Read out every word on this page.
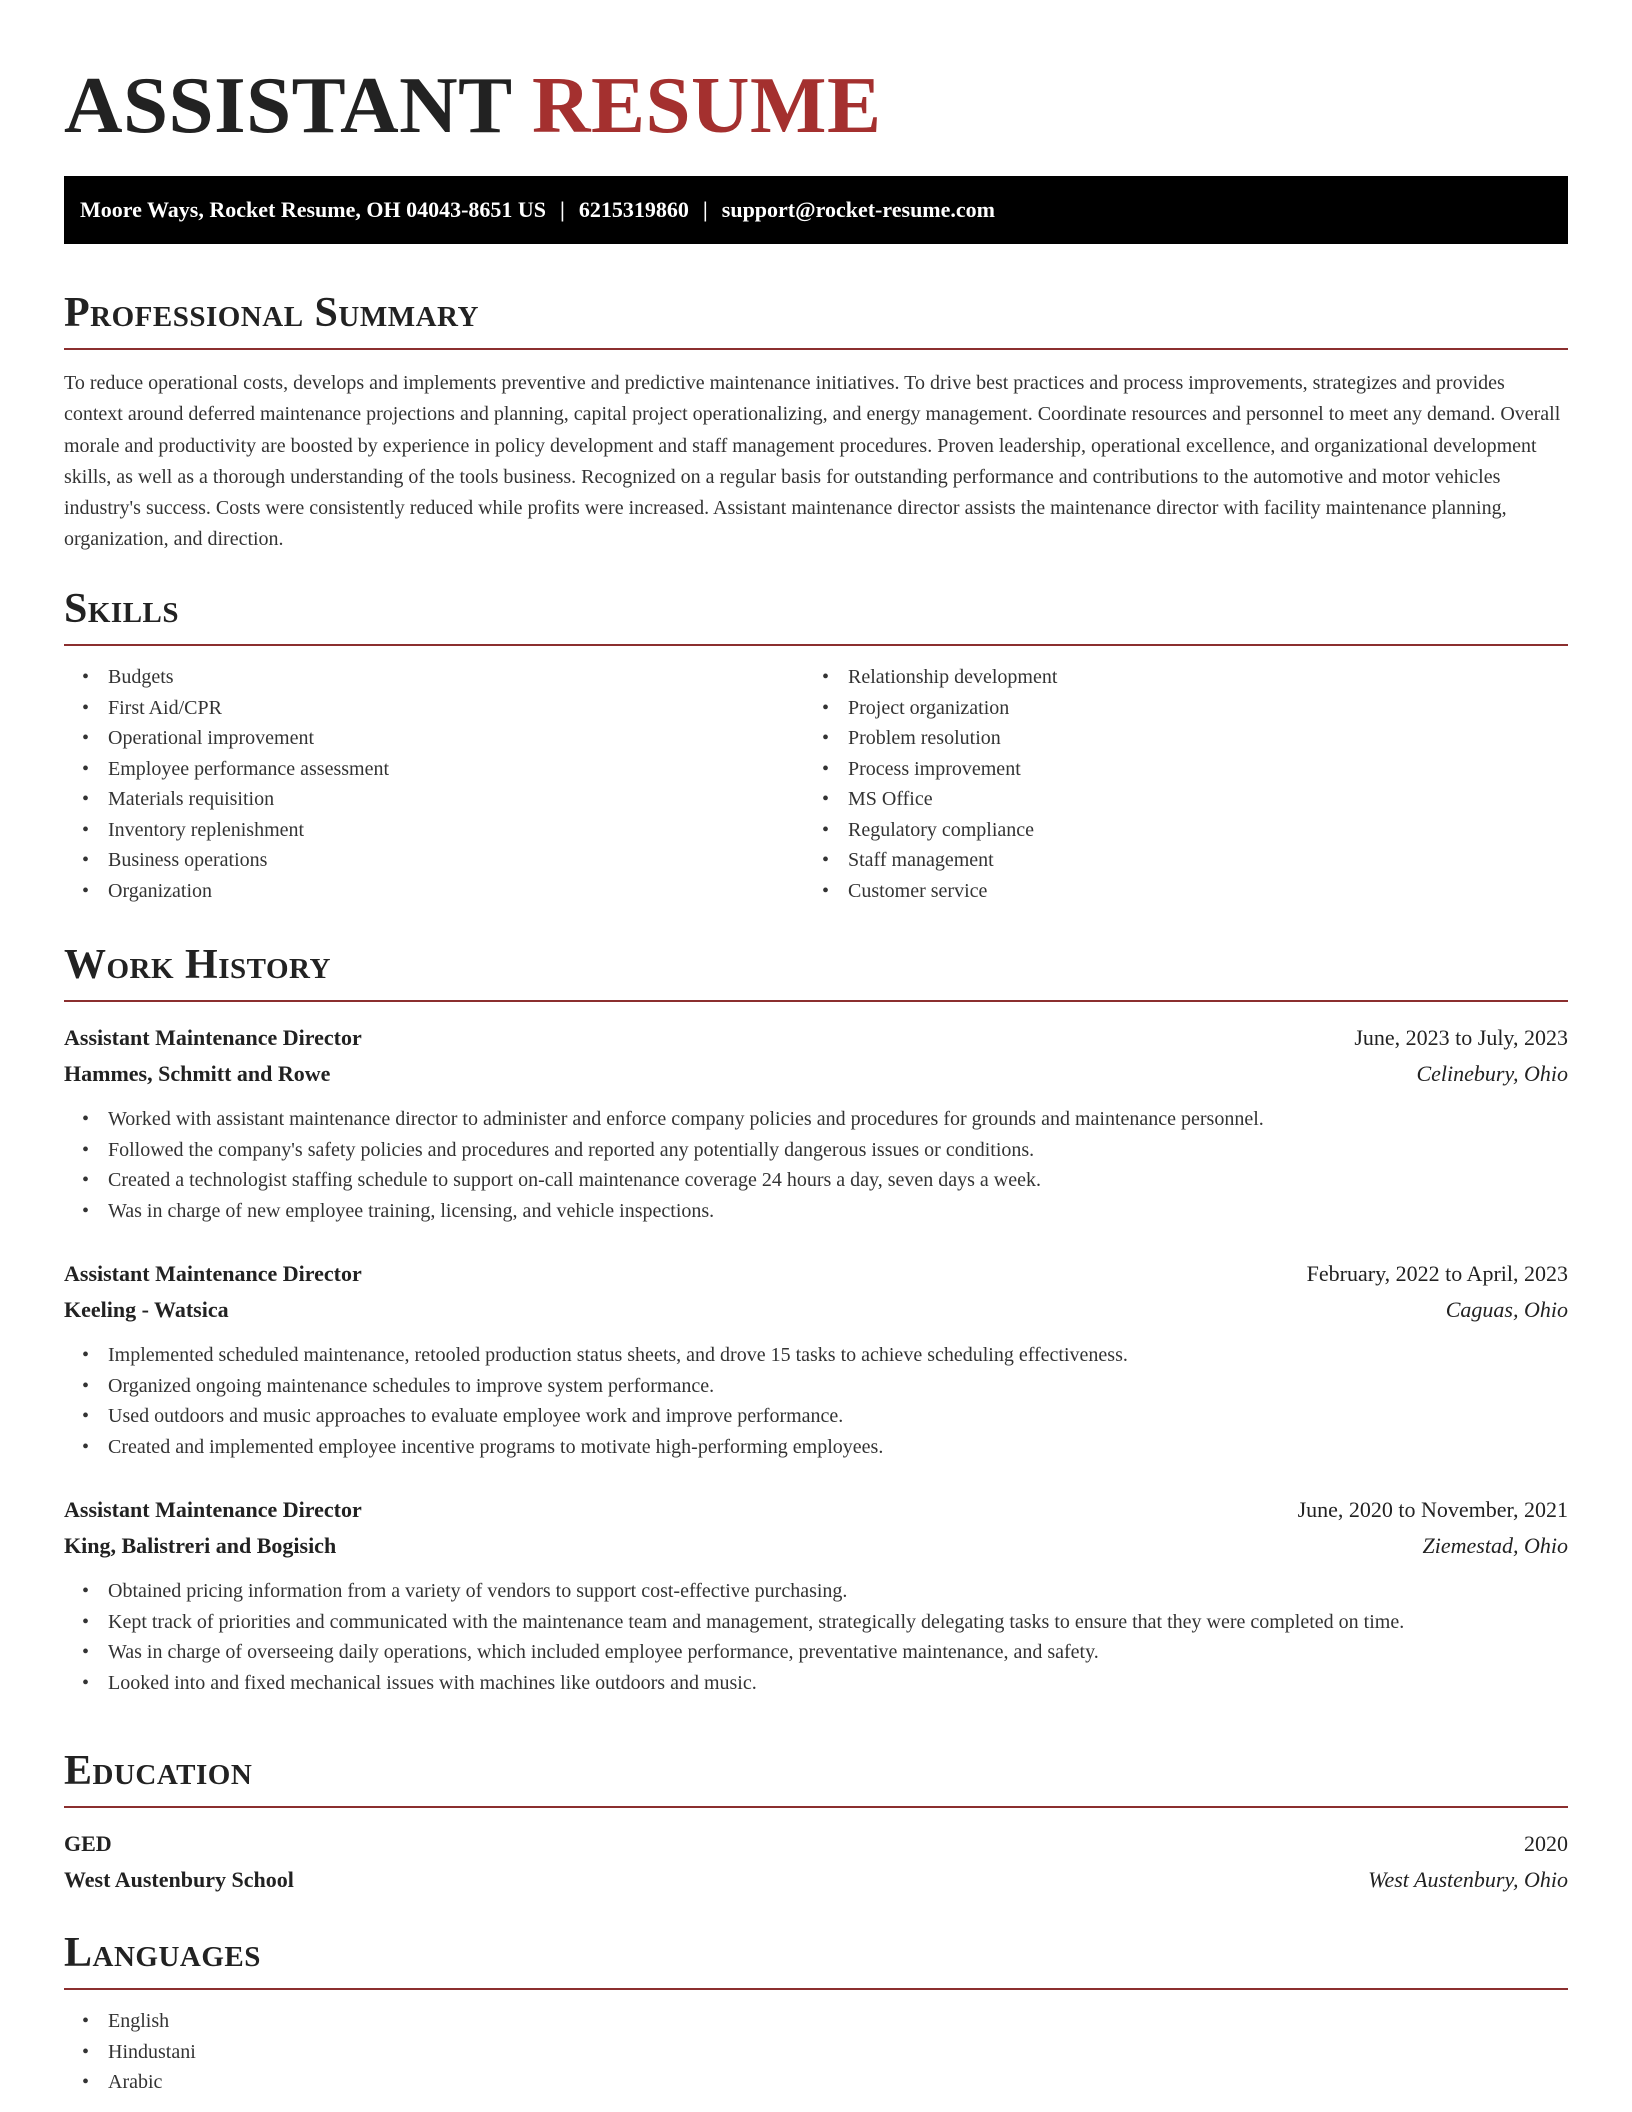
ASSISTANT RESUME
Moore Ways, Rocket Resume, OH 04043-8651 US | 6215319860 | support@rocket-resume.com
Professional Summary

To reduce operational costs, develops and implements preventive and predictive maintenance initiatives. To drive best practices and process improvements, strategizes and provides context around deferred maintenance projections and planning, capital project operationalizing, and energy management. Coordinate resources and personnel to meet any demand. Overall morale and productivity are boosted by experience in policy development and staff management procedures. Proven leadership, operational excellence, and organizational development skills, as well as a thorough understanding of the tools business. Recognized on a regular basis for outstanding performance and contributions to the automotive and motor vehicles industry's success. Costs were consistently reduced while profits were increased. Assistant maintenance director assists the maintenance director with facility maintenance planning, organization, and direction.

Skills
• Budgets
• First Aid/CPR
• Operational improvement
• Employee performance assessment
• Materials requisition
• Inventory replenishment
• Business operations
• Organization
• Relationship development
• Project organization
• Problem resolution
• Process improvement
• MS Office
• Regulatory compliance
• Staff management
• Customer service
Work History
Assistant Maintenance Director	June, 2023 to July, 2023
Hammes, Schmitt and Rowe	Celinebury, Ohio
• Worked with assistant maintenance director to administer and enforce company policies and procedures for grounds and maintenance personnel.
• Followed the company's safety policies and procedures and reported any potentially dangerous issues or conditions.
• Created a technologist staffing schedule to support on-call maintenance coverage 24 hours a day, seven days a week.
• Was in charge of new employee training, licensing, and vehicle inspections.
Assistant Maintenance Director	February, 2022 to April, 2023
Keeling - Watsica	Caguas, Ohio
• Implemented scheduled maintenance, retooled production status sheets, and drove 15 tasks to achieve scheduling effectiveness.
• Organized ongoing maintenance schedules to improve system performance.
• Used outdoors and music approaches to evaluate employee work and improve performance.
• Created and implemented employee incentive programs to motivate high-performing employees.
Assistant Maintenance Director	June, 2020 to November, 2021
King, Balistreri and Bogisich	Ziemestad, Ohio
• Obtained pricing information from a variety of vendors to support cost-effective purchasing.
• Kept track of priorities and communicated with the maintenance team and management, strategically delegating tasks to ensure that they were completed on time.
• Was in charge of overseeing daily operations, which included employee performance, preventative maintenance, and safety.
• Looked into and fixed mechanical issues with machines like outdoors and music.
Education
GED	2020
West Austenbury School	West Austenbury, Ohio
Languages
• English
• Hindustani
• Arabic
